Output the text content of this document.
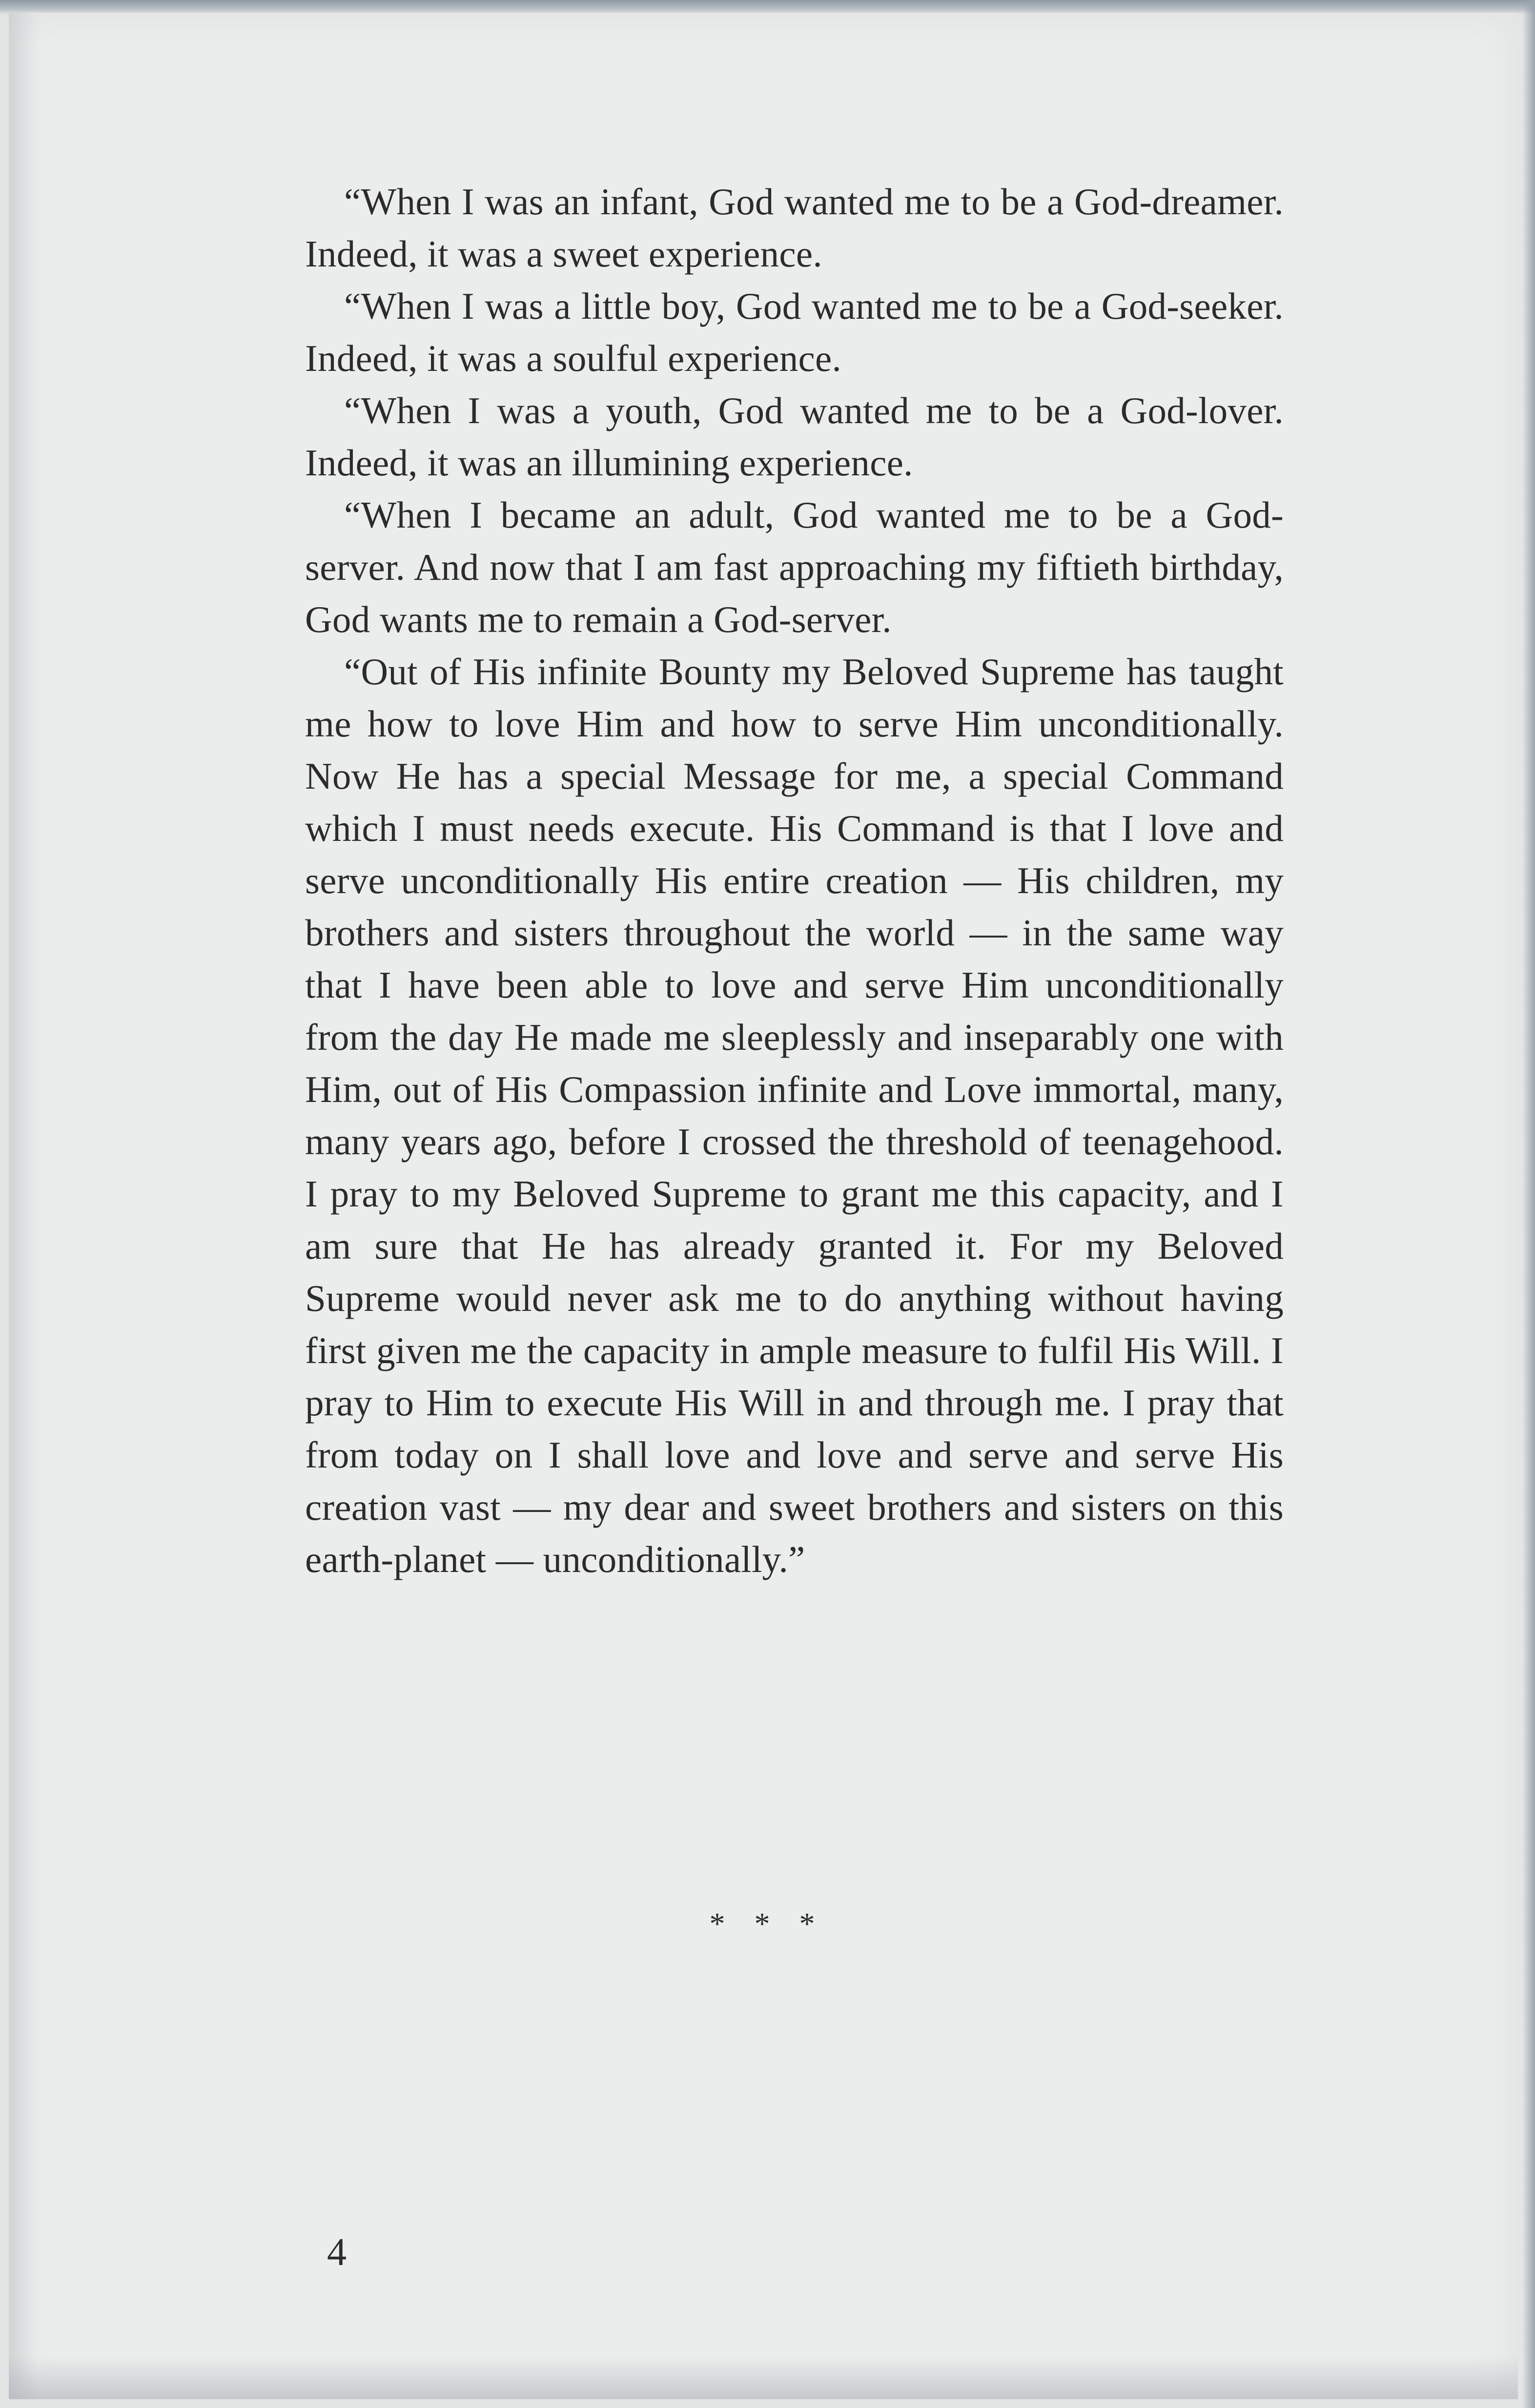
“When I was an infant, God wanted me to be a God-dreamer. Indeed, it was a sweet experience.

“When I was a little boy, God wanted me to be a God-seeker. Indeed, it was a soulful experience.

“When I was a youth, God wanted me to be a God-lover. Indeed, it was an illumining experience.

“When I became an adult, God wanted me to be a God-server. And now that I am fast approaching my fiftieth birthday, God wants me to remain a God-server.

“Out of His infinite Bounty my Beloved Supreme has taught me how to love Him and how to serve Him unconditionally. Now He has a special Message for me, a special Command which I must needs execute. His Command is that I love and serve unconditionally His entire creation — His children, my brothers and sisters throughout the world — in the same way that I have been able to love and serve Him unconditionally from the day He made me sleeplessly and inseparably one with Him, out of His Compassion infinite and Love immortal, many, many years ago, before I crossed the threshold of teenagehood. I pray to my Beloved Supreme to grant me this capacity, and I am sure that He has already granted it. For my Beloved Supreme would never ask me to do anything without having first given me the capacity in ample measure to fulfil His Will. I pray to Him to execute His Will in and through me. I pray that from today on I shall love and love and serve and serve His creation vast — my dear and sweet brothers and sisters on this earth-planet — unconditionally.”

* * *
4
